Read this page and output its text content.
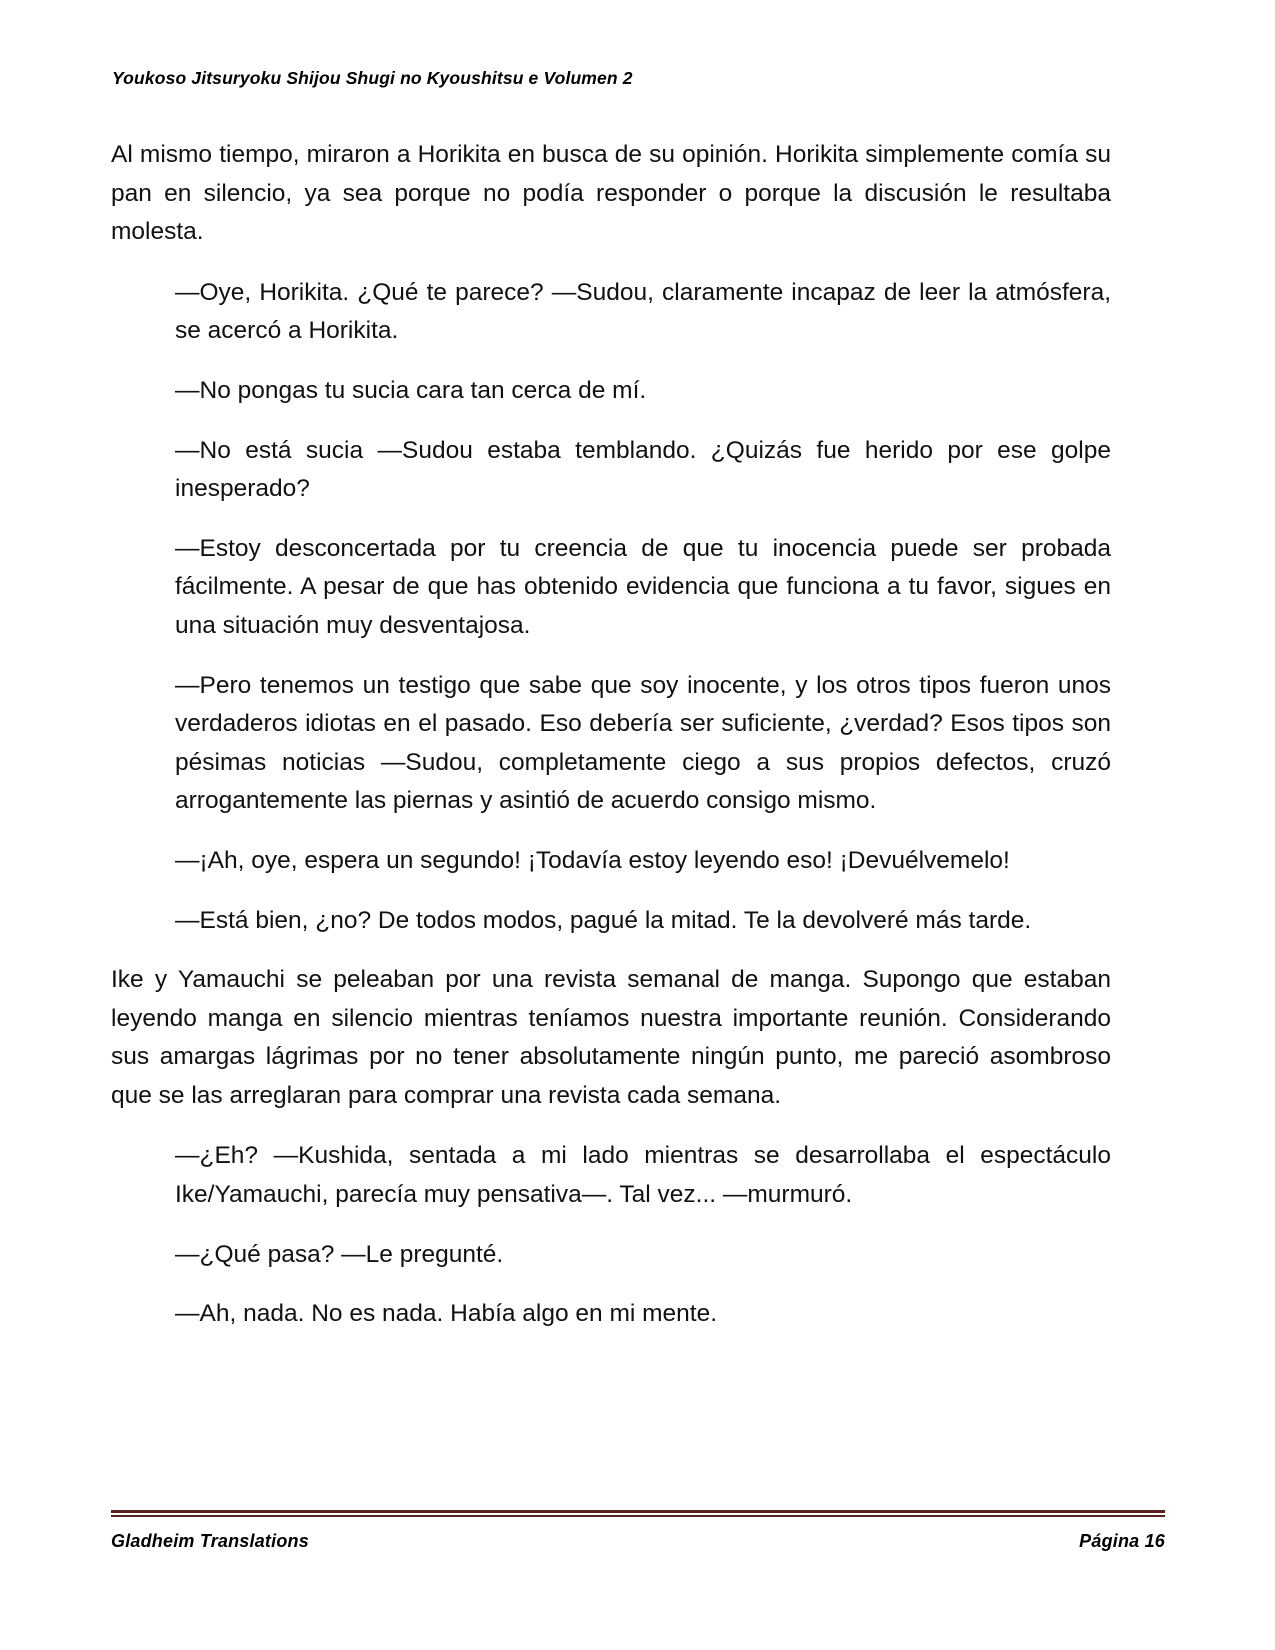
Youkoso Jitsuryoku Shijou Shugi no Kyoushitsu e Volumen 2

Al mismo tiempo, miraron a Horikita en busca de su opinión. Horikita simplemente comía su pan en silencio, ya sea porque no podía responder o porque la discusión le resultaba molesta.

—Oye, Horikita. ¿Qué te parece? —Sudou, claramente incapaz de leer la atmósfera, se acercó a Horikita.

—No pongas tu sucia cara tan cerca de mí.

—No está sucia —Sudou estaba temblando. ¿Quizás fue herido por ese golpe inesperado?

—Estoy desconcertada por tu creencia de que tu inocencia puede ser probada fácilmente. A pesar de que has obtenido evidencia que funciona a tu favor, sigues en una situación muy desventajosa.

—Pero tenemos un testigo que sabe que soy inocente, y los otros tipos fueron unos verdaderos idiotas en el pasado. Eso debería ser suficiente, ¿verdad? Esos tipos son pésimas noticias —Sudou, completamente ciego a sus propios defectos, cruzó arrogantemente las piernas y asintió de acuerdo consigo mismo.

—¡Ah, oye, espera un segundo! ¡Todavía estoy leyendo eso! ¡Devuélvemelo!

—Está bien, ¿no? De todos modos, pagué la mitad. Te la devolveré más tarde.

Ike y Yamauchi se peleaban por una revista semanal de manga. Supongo que estaban leyendo manga en silencio mientras teníamos nuestra importante reunión. Considerando sus amargas lágrimas por no tener absolutamente ningún punto, me pareció asombroso que se las arreglaran para comprar una revista cada semana.

—¿Eh? —Kushida, sentada a mi lado mientras se desarrollaba el espectáculo Ike/Yamauchi, parecía muy pensativa—. Tal vez... —murmuró.

—¿Qué pasa? —Le pregunté.

—Ah, nada. No es nada. Había algo en mi mente.

Gladheim Translations	Página 16
